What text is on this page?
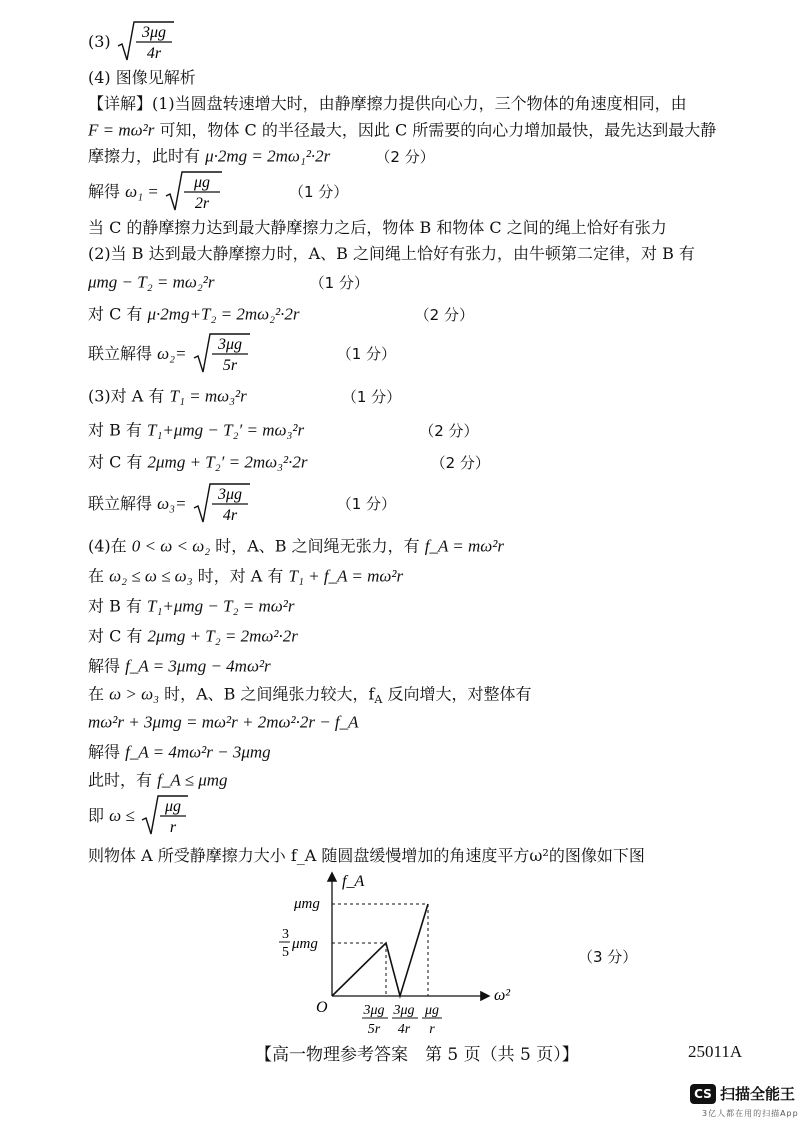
(3) 3μg
4r
(4) 图像见解析
【详解】(1)当圆盘转速增大时，由静摩擦力提供向心力，三个物体的角速度相同，由
F = mω²r 可知，物体 C 的半径最大，因此 C 所需要的向心力增加最快，最先达到最大静
摩擦力，此时有 μ·2mg = 2mω₁²·2r	（2 分）
解得 ω₁ = μg
2r
（1 分）
当 C 的静摩擦力达到最大静摩擦力之后，物体 B 和物体 C 之间的绳上恰好有张力
(2)当 B 达到最大静摩擦力时，A、B 之间绳上恰好有张力，由牛顿第二定律，对 B 有
μmg − T₂ = mω₂²r	（1 分）
对 C 有 μ·2mg+T₂ = 2mω₂²·2r	（2 分）
联立解得 ω₂= 3μg
5r
（1 分）
(3)对 A 有 T₁ = mω₃²r	（1 分）
对 B 有 T₁+μmg − T₂′ = mω₃²r	（2 分）
对 C 有 2μmg + T₂′ = 2mω₃²·2r	（2 分）
联立解得 ω₃= 3μg
4r
（1 分）
(4)在 0 < ω < ω₂ 时，A、B 之间绳无张力，有 f_A = mω²r
在 ω₂ ≤ ω ≤ ω₃ 时，对 A 有 T₁ + f_A = mω²r
对 B 有 T₁+μmg − T₂ = mω²r
对 C 有 2μmg + T₂ = 2mω²·2r
解得 f_A = 3μmg − 4mω²r
在 ω > ω₃ 时，A、B 之间绳张力较大，$f_A$ 反向增大，对整体有
mω²r + 3μmg = mω²r + 2mω²·2r − f_A
解得 f_A = 4mω²r − 3μmg
此时，有 f_A ≤ μmg
即 ω ≤ μg
r
则物体 A 所受静摩擦力大小 f_A 随圆盘缓慢增加的角速度平方ω²的图像如下图
f_A
ω²
O
μmg
3
5
μmg
3μg
5r
3μg
4r
μg
r
（3 分）
【高一物理参考答案　第 5 页（共 5 页）】	25011A
CS 扫描全能王
3亿人都在用的扫描App
